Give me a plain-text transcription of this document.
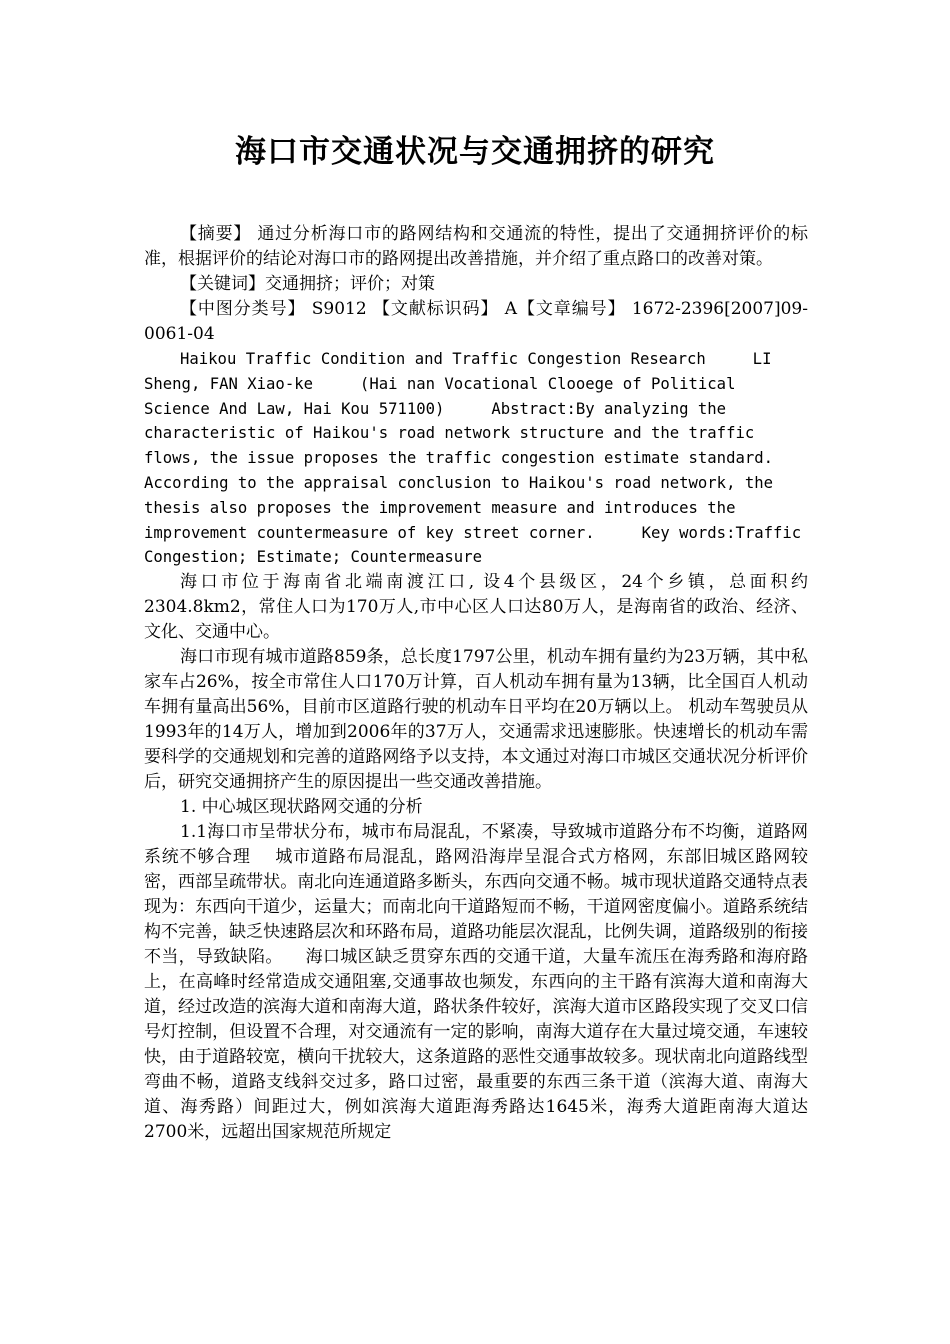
海口市交通状况与交通拥挤的研究

【摘要】 通过分析海口市的路网结构和交通流的特性，提出了交通拥挤评价的标准，根据评价的结论对海口市的路网提出改善措施，并介绍了重点路口的改善对策。

【关键词】交通拥挤；评价；对策

【中图分类号】 S9012 【文献标识码】 A【文章编号】 1672-2396[2007]09-0061-04

Haikou Traffic Condition and Traffic Congestion Research     LI Sheng, FAN Xiao-ke     (Hai nan Vocational Clooege of Political Science And Law, Hai Kou 571100)     Abstract:By analyzing the characteristic of Haikou's road network structure and the traffic flows, the issue proposes the traffic congestion estimate standard. According to the appraisal conclusion to Haikou's road network, the thesis also proposes the improvement measure and introduces the improvement countermeasure of key street corner.     Key words:Traffic Congestion; Estimate; Countermeasure

海口市位于海南省北端南渡江口, 设4个县级区，24个乡镇，总面积约2304.8km2，常住人口为170万人,市中心区人口达80万人，是海南省的政治、经济、文化、交通中心。

海口市现有城市道路859条，总长度1797公里，机动车拥有量约为23万辆，其中私家车占26%，按全市常住人口170万计算，百人机动车拥有量为13辆，比全国百人机动车拥有量高出56%，目前市区道路行驶的机动车日平均在20万辆以上。 机动车驾驶员从1993年的14万人，增加到2006年的37万人，交通需求迅速膨胀。快速增长的机动车需要科学的交通规划和完善的道路网络予以支持，本文通过对海口市城区交通状况分析评价后，研究交通拥挤产生的原因提出一些交通改善措施。

1. 中心城区现状路网交通的分析

1.1海口市呈带状分布，城市布局混乱，不紧凑，导致城市道路分布不均衡，道路网系统不够合理    城市道路布局混乱，路网沿海岸呈混合式方格网，东部旧城区路网较密，西部呈疏带状。南北向连通道路多断头，东西向交通不畅。城市现状道路交通特点表现为：东西向干道少，运量大；而南北向干道路短而不畅，干道网密度偏小。道路系统结构不完善，缺乏快速路层次和环路布局，道路功能层次混乱，比例失调，道路级别的衔接不当，导致缺陷。    海口城区缺乏贯穿东西的交通干道，大量车流压在海秀路和海府路上，在高峰时经常造成交通阻塞,交通事故也频发，东西向的主干路有滨海大道和南海大道，经过改造的滨海大道和南海大道，路状条件较好，滨海大道市区路段实现了交叉口信号灯控制，但设置不合理，对交通流有一定的影响，南海大道存在大量过境交通，车速较快，由于道路较宽，横向干扰较大，这条道路的恶性交通事故较多。现状南北向道路线型弯曲不畅，道路支线斜交过多，路口过密，最重要的东西三条干道（滨海大道、南海大道、海秀路）间距过大，例如滨海大道距海秀路达1645米，海秀大道距南海大道达2700米，远超出国家规范所规定
